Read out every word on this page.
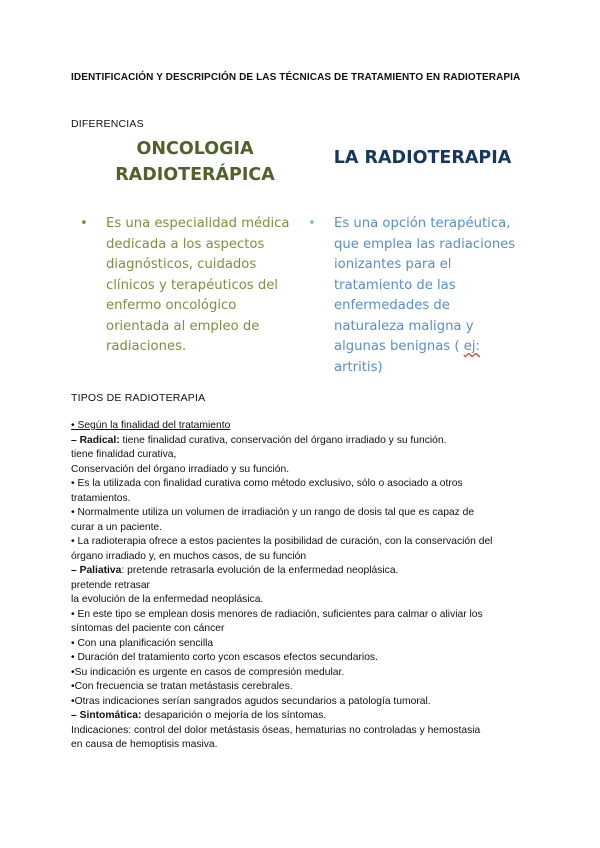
IDENTIFICACIÓN Y DESCRIPCIÓN DE LAS TÉCNICAS DE TRATAMIENTO EN RADIOTERAPIA
DIFERENCIAS
ONCOLOGIA
RADIOTERÁPICA
LA RADIOTERAPIA
• Es una especialidad médica
dedicada a los aspectos
diagnósticos, cuidados
clínicos y terapéuticos del
enfermo oncológico
orientada al empleo de
radiaciones.
• Es una opción terapéutica,
que emplea las radiaciones
ionizantes para el
tratamiento de las
enfermedades de
naturaleza maligna y
algunas benignas ( ej:
artritis)
TIPOS DE RADIOTERAPIA
• Según la finalidad del tratamiento
– Radical: tiene finalidad curativa, conservación del órgano irradiado y su función.
tiene finalidad curativa,
Conservación del órgano irradiado y su función.
• Es la utilizada con finalidad curativa como método exclusivo, sólo o asociado a otros
tratamientos.
• Normalmente utiliza un volumen de irradiación y un rango de dosis tal que es capaz de
curar a un paciente.
• La radioterapia ofrece a estos pacientes la posibilidad de curación, con la conservación del
órgano irradiado y, en muchos casos, de su función
– Paliativa: pretende retrasarla evolución de la enfermedad neoplásica.
pretende retrasar
la evolución de la enfermedad neoplásica.
• En este tipo se emplean dosis menores de radiación, suficientes para calmar o aliviar los
síntomas del paciente con cáncer
• Con una planificación sencilla
• Duración del tratamiento corto ycon escasos efectos secundarios.
•Su indicación es urgente en casos de compresión medular.
•Con frecuencia se tratan metástasis cerebrales.
•Otras indicaciones serían sangrados agudos secundarios a patología tumoral.
– Sintomática: desaparición o mejoría de los síntomas.
Indicaciones: control del dolor metástasis óseas, hematurias no controladas y hemostasia
en causa de hemoptisis masiva.
